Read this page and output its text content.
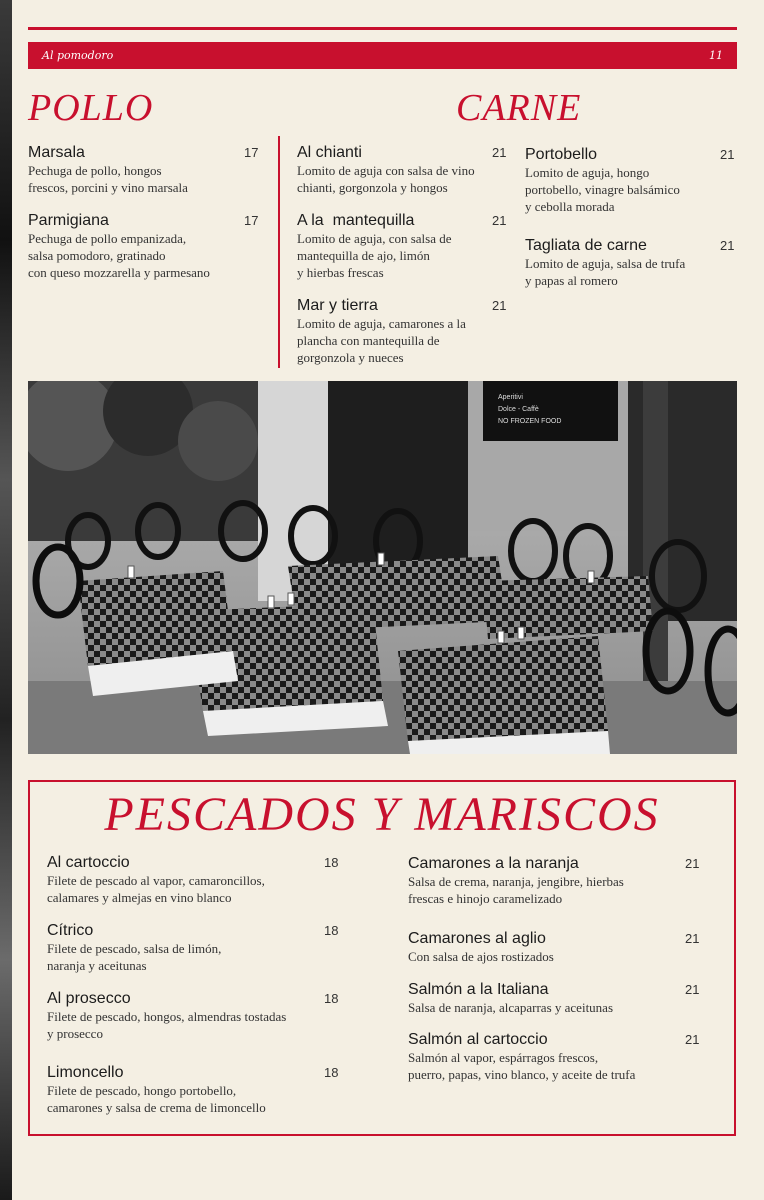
Al pomodoro	11
POLLO	CARNE
Marsala	17
Pechuga de pollo, hongos
frescos, porcini y vino marsala
Parmigiana	17
Pechuga de pollo empanizada,
salsa pomodoro, gratinado
con queso mozzarella y parmesano
Al chianti	21
Lomito de aguja con salsa de vino
chianti, gorgonzola y hongos
A la  mantequilla	21
Lomito de aguja, con salsa de
mantequilla de ajo, limón
y hierbas frescas
Mar y tierra	21
Lomito de aguja, camarones a la
plancha con mantequilla de
gorgonzola y nueces
Portobello	21
Lomito de aguja, hongo
portobello, vinagre balsámico
y cebolla morada
Tagliata de carne	21
Lomito de aguja, salsa de trufa
y papas al romero
Aperitivi
Dolce - Caffè
NO FROZEN FOOD
PESCADOS Y MARISCOS
Al cartoccio	18
Filete de pescado al vapor, camaroncillos,
calamares y almejas en vino blanco
Cítrico	18
Filete de pescado, salsa de limón,
naranja y aceitunas
Al prosecco	18
Filete de pescado, hongos, almendras tostadas
y prosecco
Limoncello	18
Filete de pescado, hongo portobello,
camarones y salsa de crema de limoncello
Camarones a la naranja	21
Salsa de crema, naranja, jengibre, hierbas
frescas e hinojo caramelizado
Camarones al aglio	21
Con salsa de ajos rostizados
Salmón a la Italiana	21
Salsa de naranja, alcaparras y aceitunas
Salmón al cartoccio	21
Salmón al vapor, espárragos frescos,
puerro, papas, vino blanco, y aceite de trufa
